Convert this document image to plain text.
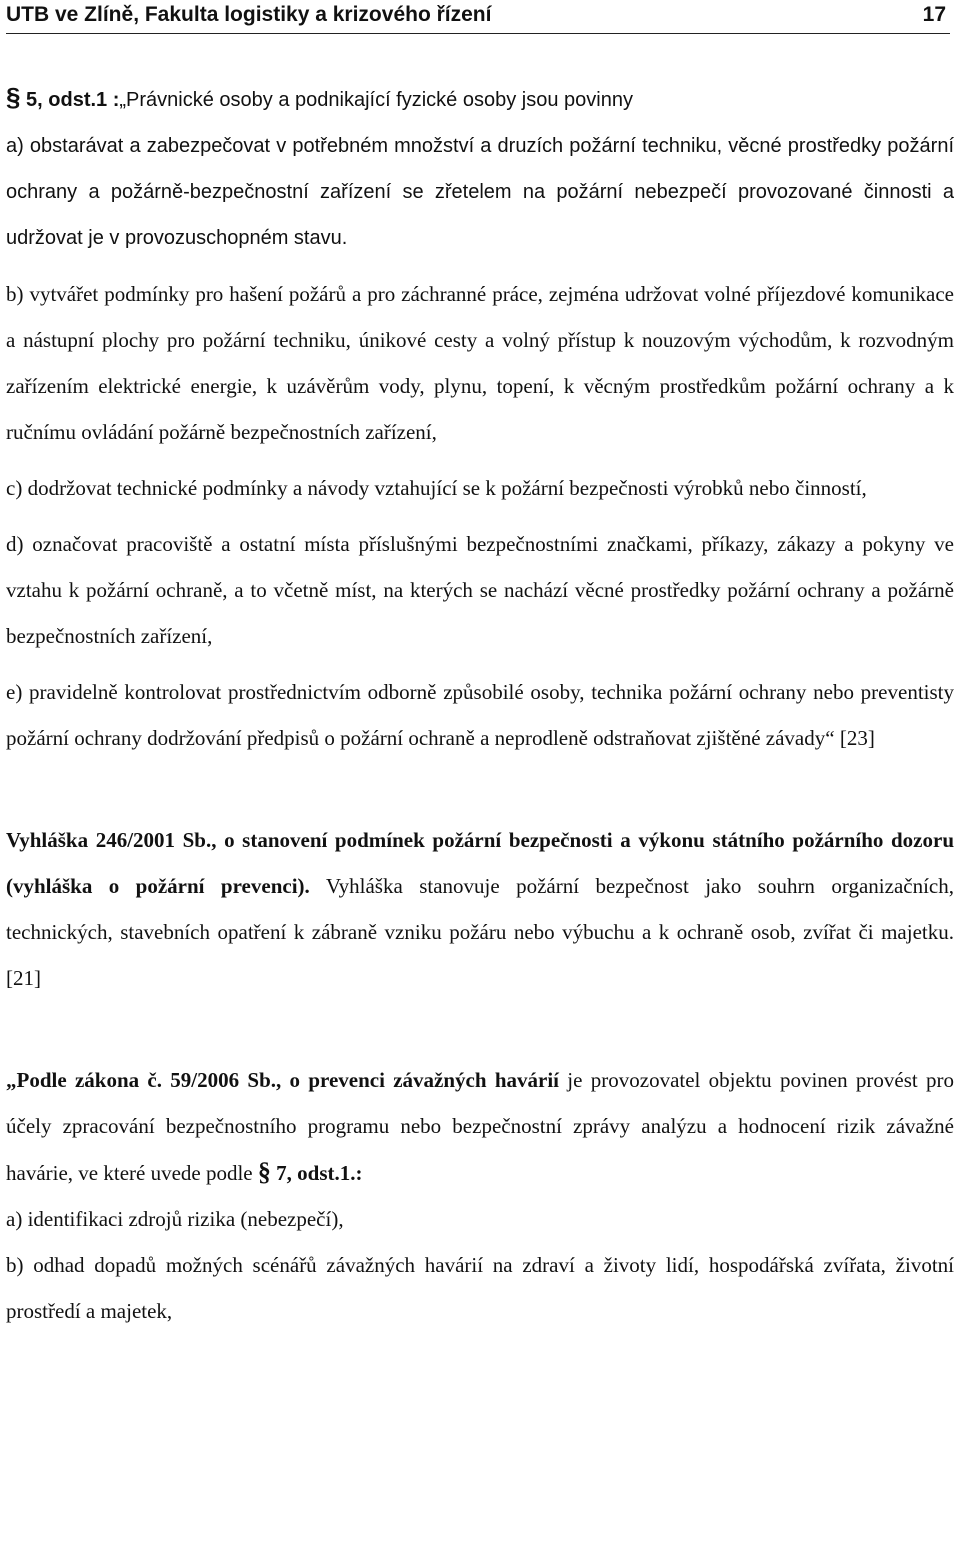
UTB ve Zlíně, Fakulta logistiky a krizového řízení	17

§ 5, odst.1 :„Právnické osoby a podnikající fyzické osoby jsou povinny

a) obstarávat a zabezpečovat v potřebném množství a druzích požární techniku, věcné prostředky požární ochrany a požárně-bezpečnostní zařízení se zřetelem na požární nebezpečí provozované činnosti a udržovat je v provozuschopném stavu.

b) vytvářet podmínky pro hašení požárů a pro záchranné práce, zejména udržovat volné příjezdové komunikace a nástupní plochy pro požární techniku, únikové cesty a volný přístup k nouzovým východům, k rozvodným zařízením elektrické energie, k uzávěrům vody, plynu, topení, k věcným prostředkům požární ochrany a k ručnímu ovládání požárně bezpečnostních zařízení,

c) dodržovat technické podmínky a návody vztahující se k požární bezpečnosti výrobků nebo činností,

d) označovat pracoviště a ostatní místa příslušnými bezpečnostními značkami, příkazy, zákazy a pokyny ve vztahu k požární ochraně, a to včetně míst, na kterých se nachází věcné prostředky požární ochrany a požárně bezpečnostních zařízení,

e) pravidelně kontrolovat prostřednictvím odborně způsobilé osoby, technika požární ochrany nebo preventisty požární ochrany dodržování předpisů o požární ochraně a neprodleně odstraňovat zjištěné závady“ [23]

Vyhláška 246/2001 Sb., o stanovení podmínek požární bezpečnosti a výkonu státního požárního dozoru (vyhláška o požární prevenci). Vyhláška stanovuje požární bezpečnost jako souhrn organizačních, technických, stavebních opatření k zábraně vzniku požáru nebo výbuchu a k ochraně osob, zvířat či majetku. [21]

„Podle zákona č. 59/2006 Sb., o prevenci závažných havárií je provozovatel objektu povinen provést pro účely zpracování bezpečnostního programu nebo bezpečnostní zprávy analýzu a hodnocení rizik závažné havárie, ve které uvede podle § 7, odst.1.:

a) identifikaci zdrojů rizika (nebezpečí),

b) odhad dopadů možných scénářů závažných havárií na zdraví a životy lidí, hospodářská zvířata, životní prostředí a majetek,
